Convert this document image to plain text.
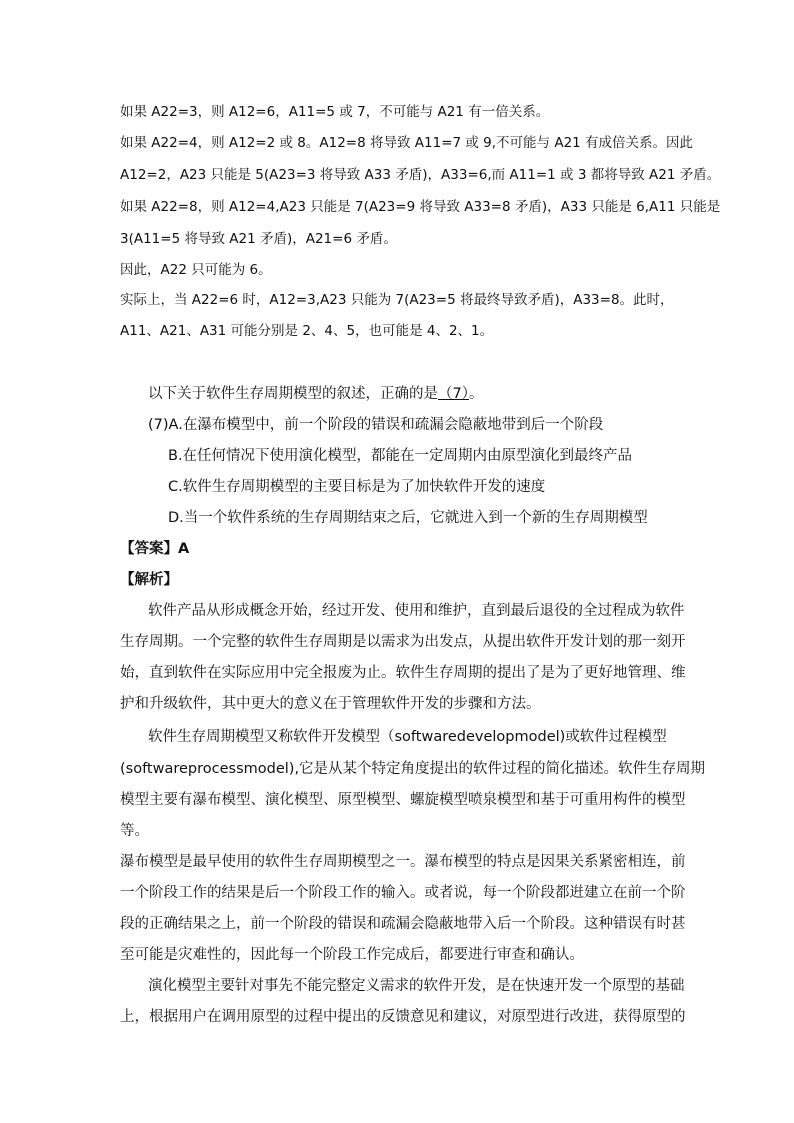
如果 A22=3，则 A12=6，A11=5 或 7，不可能与 A21 有一倍关系。
如果 A22=4，则 A12=2 或 8。A12=8 将导致 A11=7 或 9,不可能与 A21 有成倍关系。因此
A12=2，A23 只能是 5(A23=3 将导致 A33 矛盾)，A33=6,而 A11=1 或 3 都将导致 A21 矛盾。
如果 A22=8，则 A12=4,A23 只能是 7(A23=9 将导致 A33=8 矛盾)，A33 只能是 6,A11 只能是
3(A11=5 将导致 A21 矛盾)，A21=6 矛盾。
因此，A22 只可能为 6。
实际上，当 A22=6 时，A12=3,A23 只能为 7(A23=5 将最终导致矛盾)，A33=8。此时，
A11、A21、A31 可能分别是 2、4、5，也可能是 4、2、1。
以下关于软件生存周期模型的叙述，正确的是（7）。
(7)A.在瀑布模型中，前一个阶段的错误和疏漏会隐蔽地带到后一个阶段
B.在任何情况下使用演化模型，都能在一定周期内由原型演化到最终产品
C.软件生存周期模型的主要目标是为了加快软件开发的速度
D.当一个软件系统的生存周期结束之后，它就进入到一个新的生存周期模型
【答案】A
【解析】
软件产品从形成概念开始，经过开发、使用和维护，直到最后退役的全过程成为软件
生存周期。一个完整的软件生存周期是以需求为出发点，从提出软件开发计划的那一刻开
始，直到软件在实际应用中完全报废为止。软件生存周期的提出了是为了更好地管理、维
护和升级软件，其中更大的意义在于管理软件开发的步骤和方法。
软件生存周期模型又称软件开发模型（softwaredevelopmodel)或软件过程模型
(softwareprocessmodel),它是从某个特定角度提出的软件过程的简化描述。软件生存周期
模型主要有瀑布模型、演化模型、原型模型、螺旋模型喷泉模型和基于可重用构件的模型
等。
瀑布模型是最早使用的软件生存周期模型之一。瀑布模型的特点是因果关系紧密相连，前
一个阶段工作的结果是后一个阶段工作的输入。或者说，每一个阶段都逬建立在前一个阶
段的正确结果之上，前一个阶段的错误和疏漏会隐蔽地带入后一个阶段。这种错误有时甚
至可能是灾难性的，因此每一个阶段工作完成后，都要进行审查和确认。
演化模型主要针对事先不能完整定义需求的软件开发，是在快速开发一个原型的基础
上，根据用户在调用原型的过程中提出的反馈意见和建议，对原型进行改进，获得原型的
